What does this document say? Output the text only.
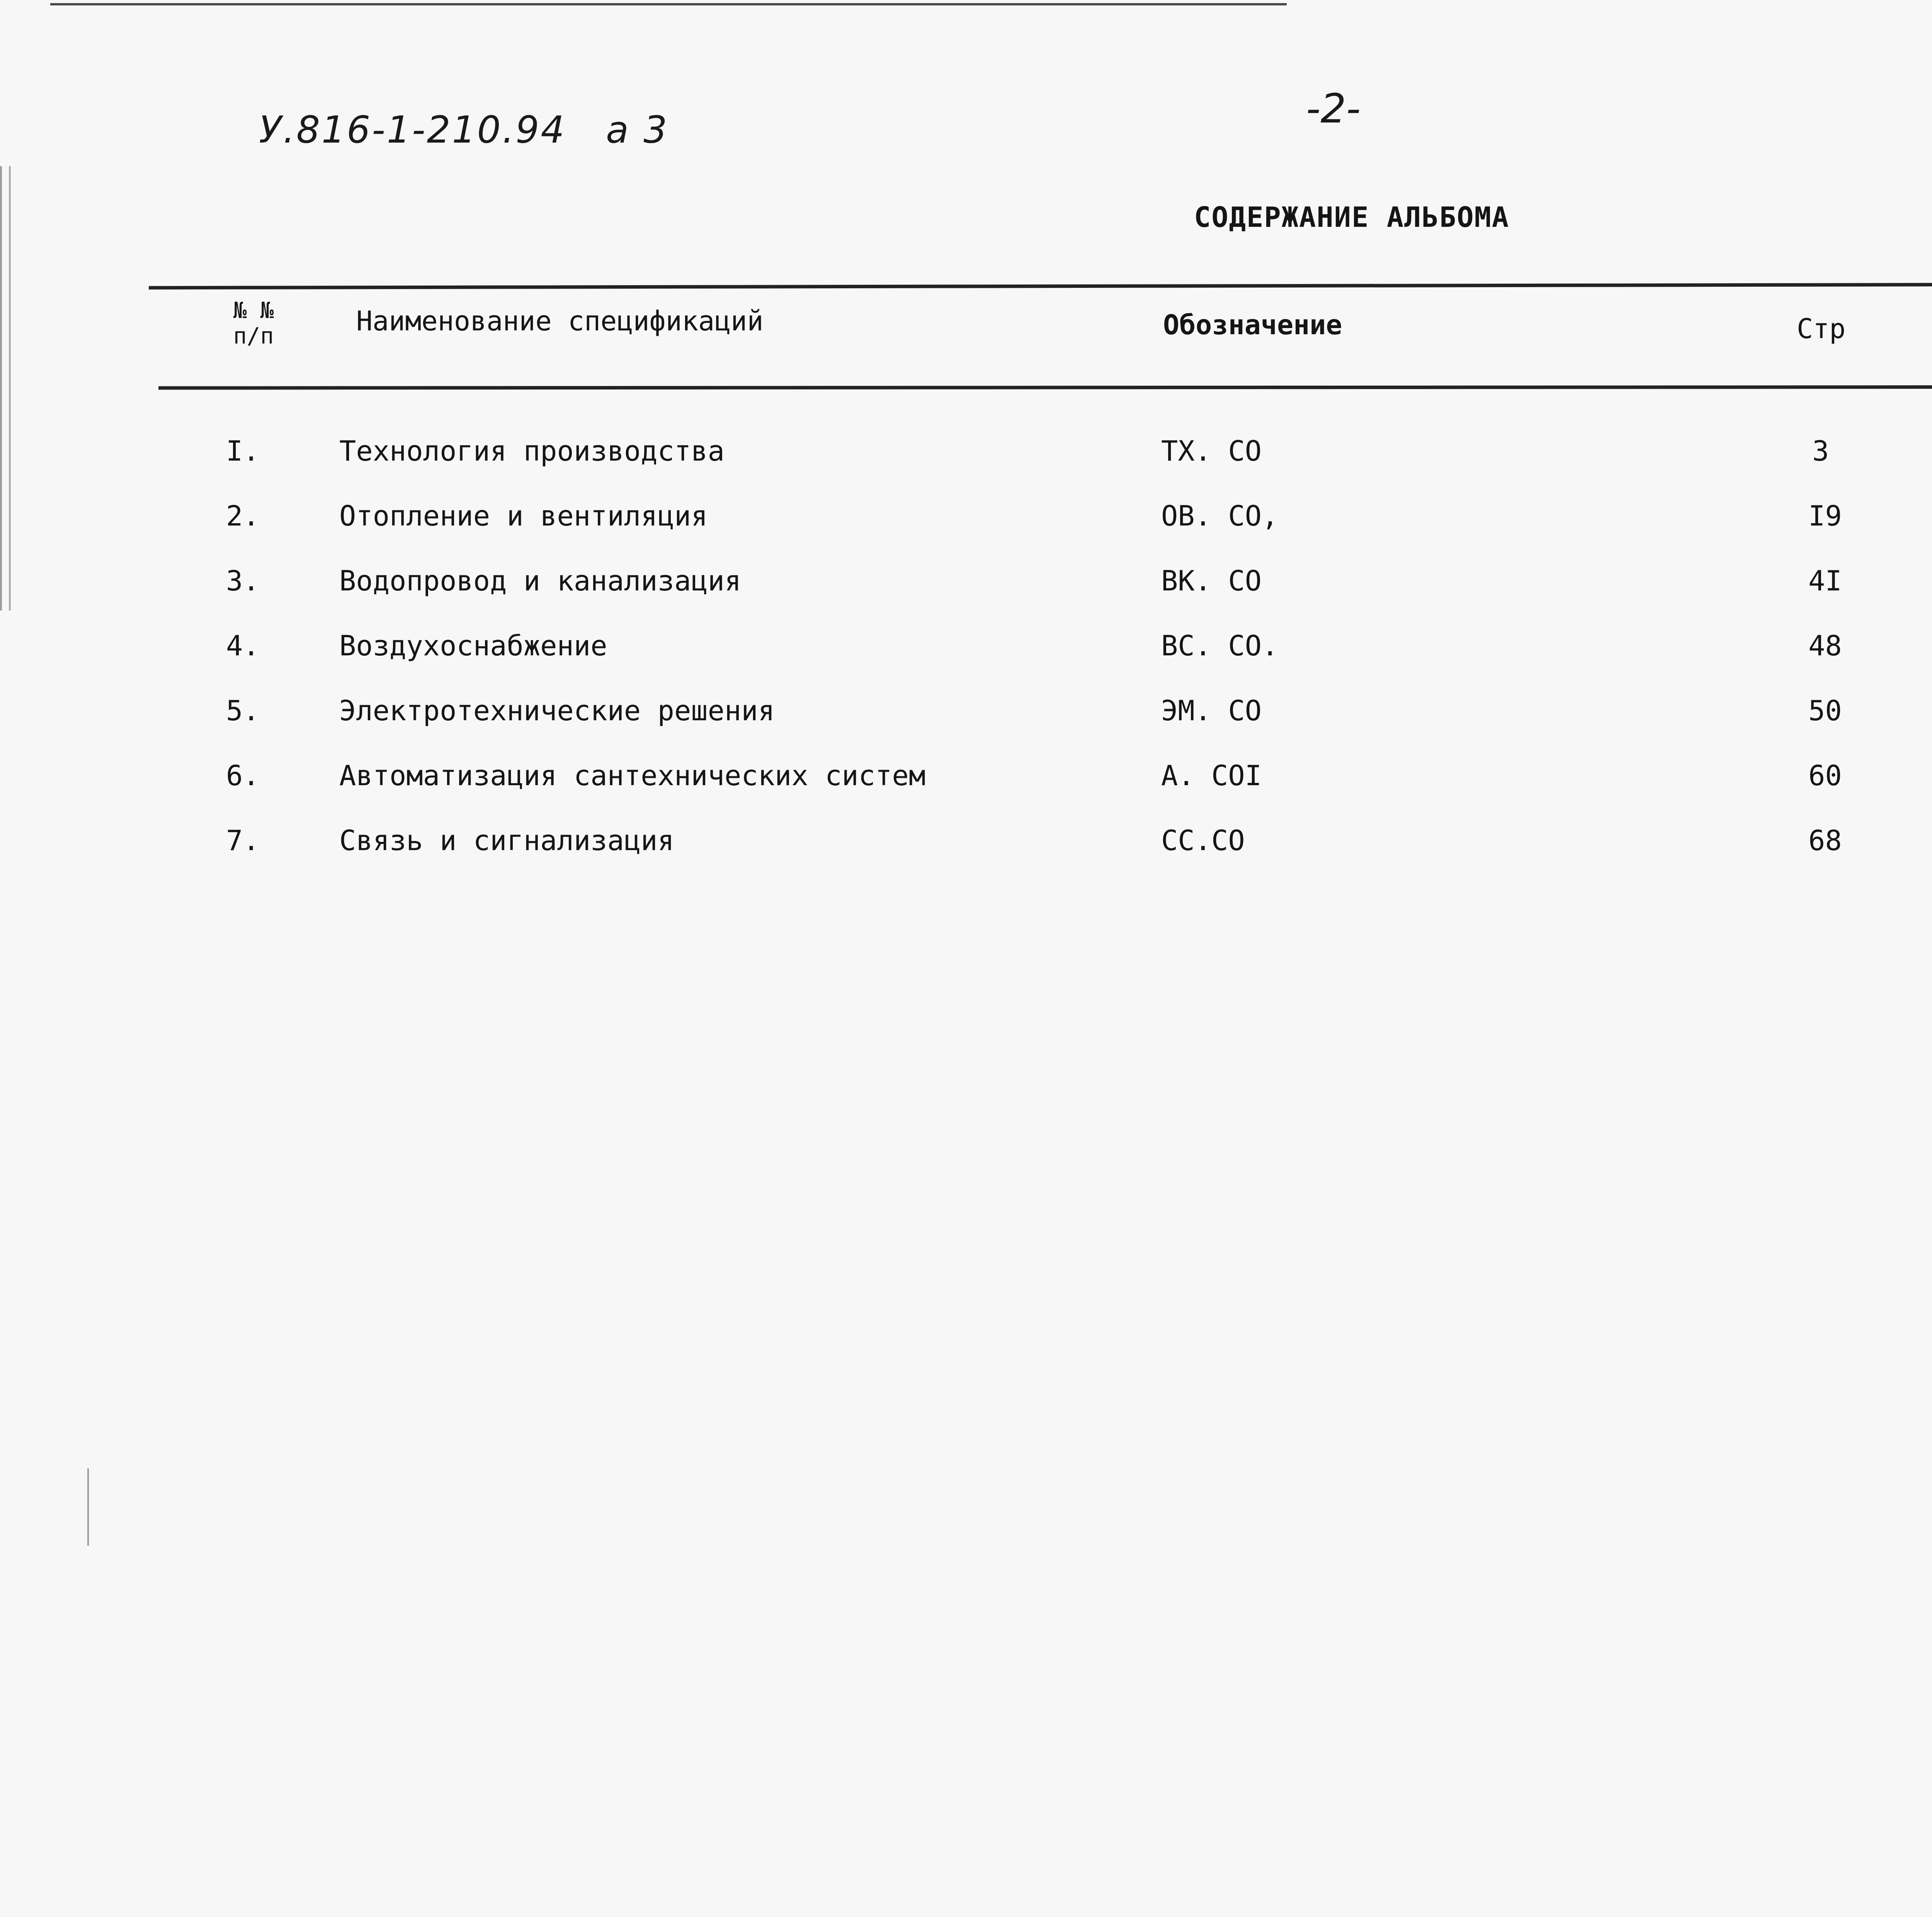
У.816-1-210.94 а 3	-2-
СОДЕРЖАНИЕ АЛЬБОМА
№ №
п/п	Наименование спецификаций	Обозначение	Стр
I.	Технология производства	ТХ. СО	3
2.	Отопление и вентиляция	ОВ. СО,	I9
3.	Водопровод и канализация	ВК. СО	4I
4.	Воздухоснабжение	ВС. СО.	48
5.	Электротехнические решения	ЭМ. СО	50
6.	Автоматизация сантехнических систем	А. СОI	60
7.	Связь и сигнализация	СС.СО	68
